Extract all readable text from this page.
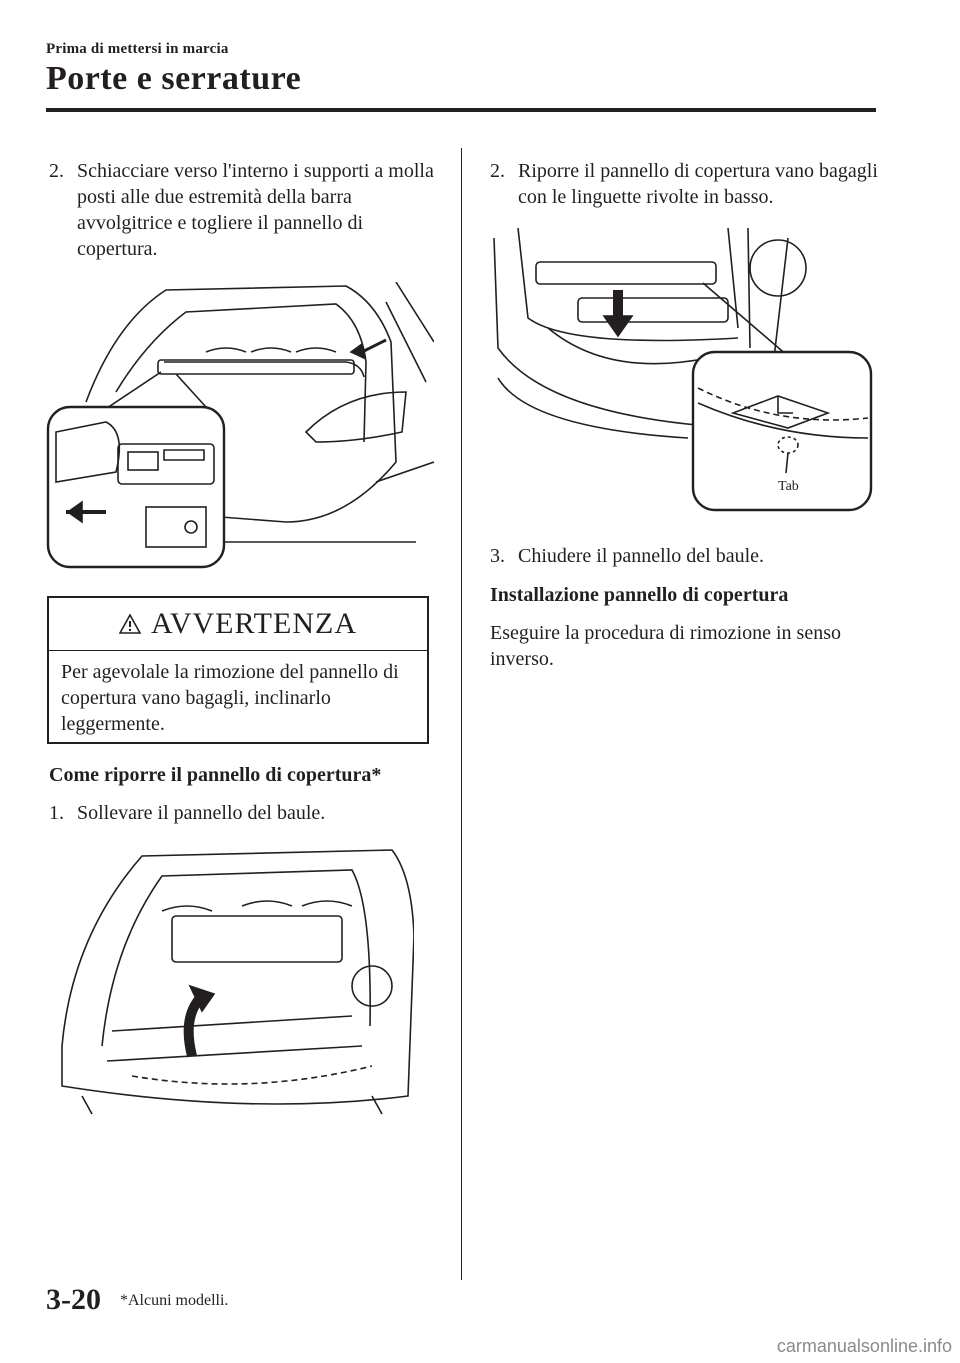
Prima di mettersi in marcia
Porte e serrature
2. Schiacciare verso l'interno i supporti a molla posti alle due estremità della barra avvolgitrice e togliere il pannello di copertura.
AVVERTENZA
Per agevolale la rimozione del pannello di copertura vano bagagli, inclinarlo leggermente.
Come riporre il pannello di copertura*
1. Sollevare il pannello del baule.
2. Riporre il pannello di copertura vano bagagli con le linguette rivolte in basso.
Tab
3. Chiudere il pannello del baule.
Installazione pannello di copertura
Eseguire la procedura di rimozione in senso inverso.
3-20 *Alcuni modelli.
carmanualsonline.info
